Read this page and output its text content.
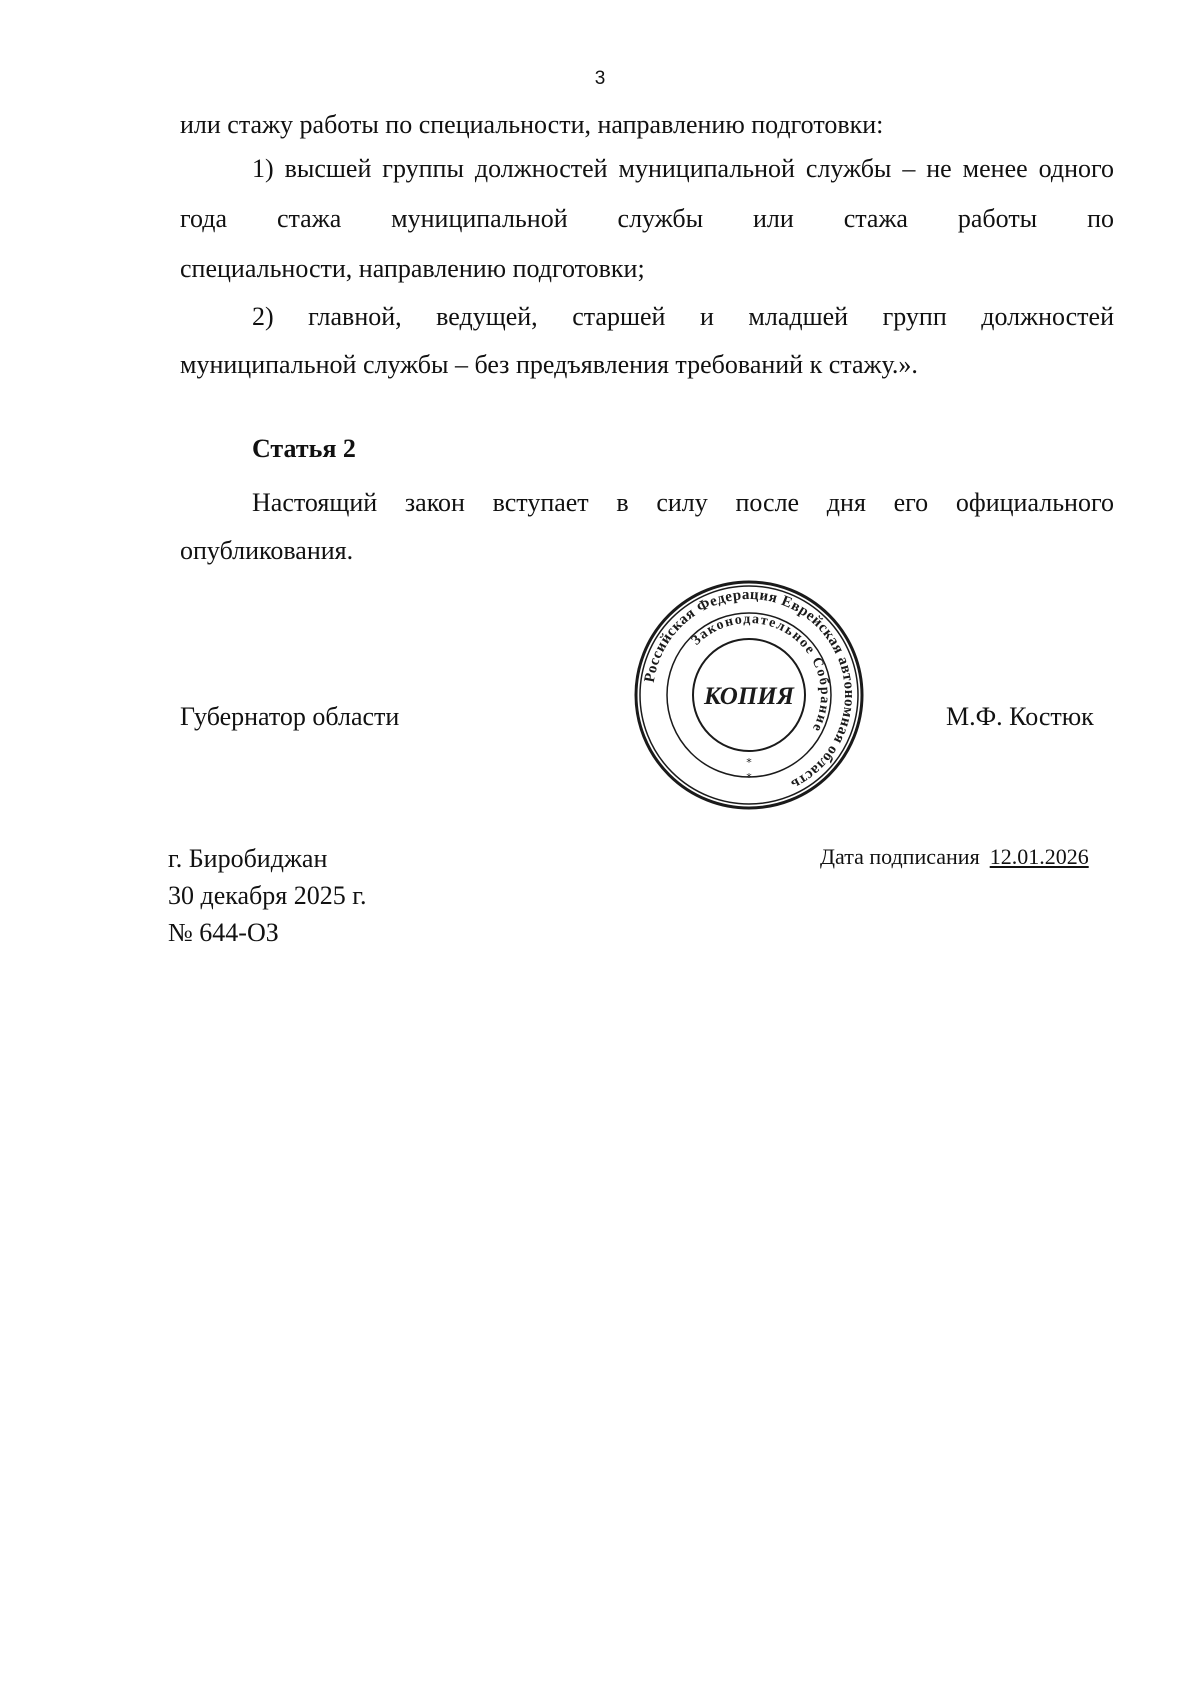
3

или стажу работы по специальности, направлению подготовки:

1) высшей группы должностей муниципальной службы – не менее одного года стажа муниципальной службы или стажа работы по

специальности, направлению подготовки;

2) главной, ведущей, старшей и младшей групп должностей

муниципальной службы – без предъявления требований к стажу.».

Статья 2

Настоящий закон вступает в силу после дня его официального

опубликования.

Российская Федерация Еврейская автономная область
Законодательное Собрание
КОПИЯ
*
*
Губернатор области	М.Ф. Костюк
г. Биробиджан
30 декабря 2025 г.
№ 644-ОЗ
Дата подписания 12.01.2026
